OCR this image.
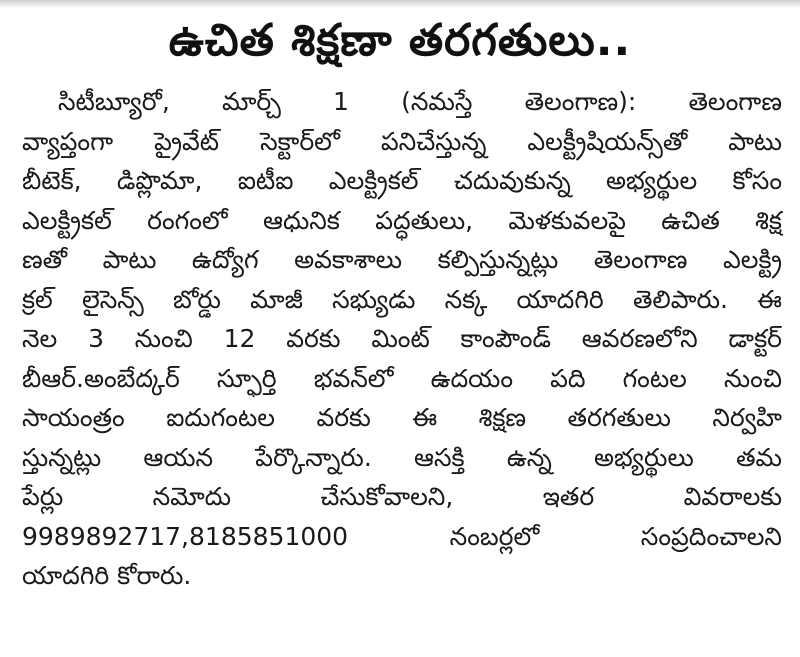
ఉచిత శిక్షణా తరగతులు..
సిటీబ్యూరో, మార్చ్ 1 (నమస్తే తెలంగాణ): తెలంగాణ
వ్యాప్తంగా ప్రైవేట్ సెక్టార్‌లో పనిచేస్తున్న ఎలక్ట్రీషియన్స్‌తో పాటు
బీటెక్, డిప్లొమా, ఐటీఐ ఎలక్ట్రికల్ చదువుకున్న అభ్యర్థుల కోసం
ఎలక్ట్రికల్ రంగంలో ఆధునిక పద్ధతులు, మెళకువలపై ఉచిత శిక్ష
ణతో పాటు ఉద్యోగ అవకాశాలు కల్పిస్తున్నట్లు తెలంగాణ ఎలక్ట్రి
క్రల్ లైసెన్స్ బోర్డు మాజీ సభ్యుడు నక్క యాదగిరి తెలిపారు. ఈ
నెల 3 నుంచి 12 వరకు మింట్ కాంపౌండ్ ఆవరణలోని డాక్టర్
బీఆర్.అంబేద్కర్ స్ఫూర్తి భవన్‌లో ఉదయం పది గంటల నుంచి
సాయంత్రం ఐదుగంటల వరకు ఈ శిక్షణ తరగతులు నిర్వహి
స్తున్నట్లు ఆయన పేర్కొన్నారు. ఆసక్తి ఉన్న అభ్యర్థులు తమ
పేర్లు నమోదు చేసుకోవాలని, ఇతర వివరాలకు
9989892717,8185851000 నంబర్లలో సంప్రదించాలని
యాదగిరి కోరారు.
